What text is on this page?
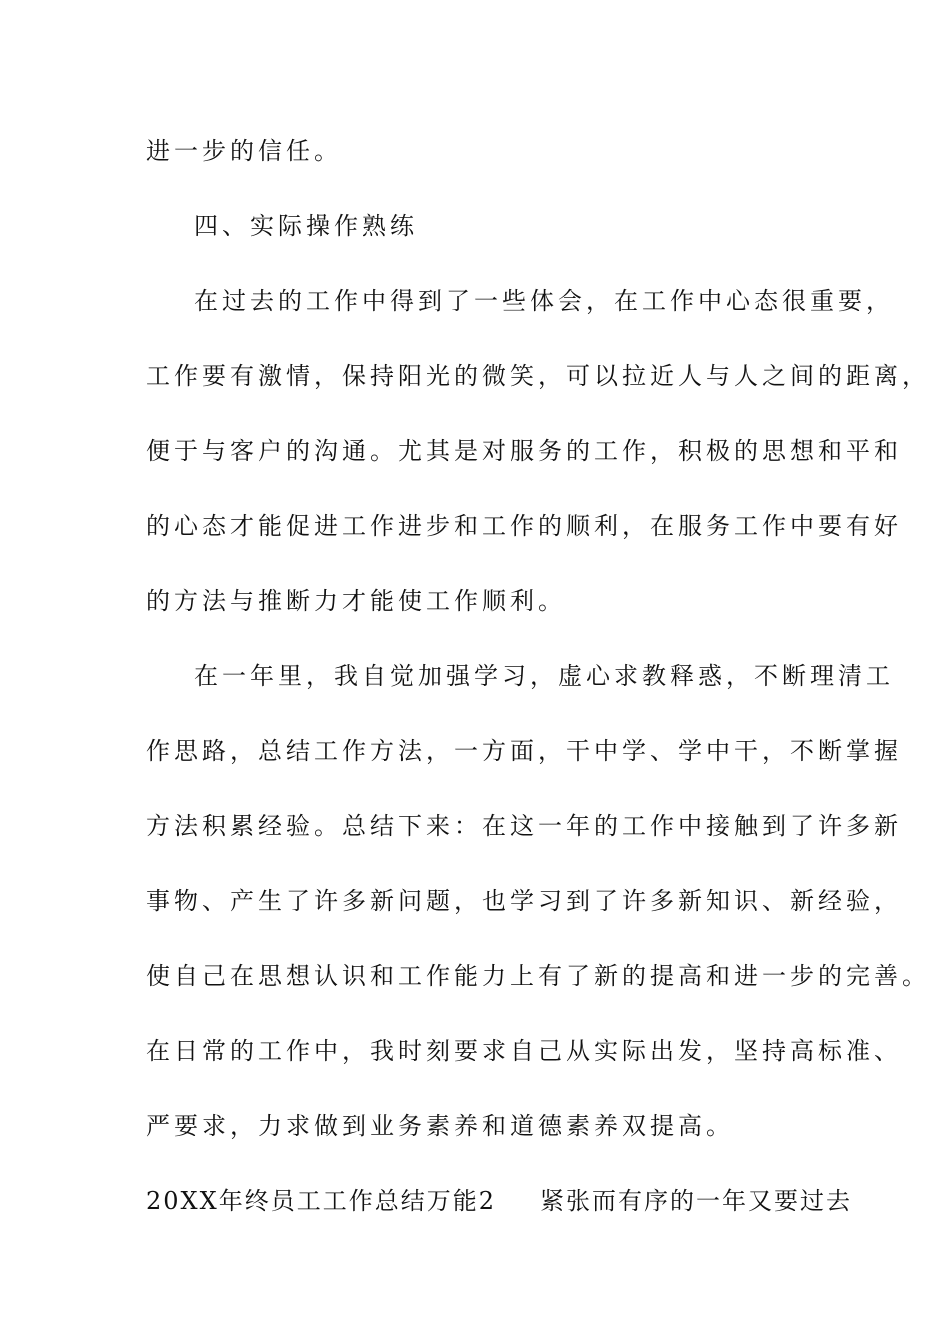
进一步的信任。
四、实际操作熟练
在过去的工作中得到了一些体会，在工作中心态很重要，
工作要有激情，保持阳光的微笑，可以拉近人与人之间的距离，
便于与客户的沟通。尤其是对服务的工作，积极的思想和平和
的心态才能促进工作进步和工作的顺利，在服务工作中要有好
的方法与推断力才能使工作顺利。
在一年里，我自觉加强学习，虚心求教释惑，不断理清工
作思路，总结工作方法，一方面，干中学、学中干，不断掌握
方法积累经验。总结下来：在这一年的工作中接触到了许多新
事物、产生了许多新问题，也学习到了许多新知识、新经验，
使自己在思想认识和工作能力上有了新的提高和进一步的完善。
在日常的工作中，我时刻要求自己从实际出发，坚持高标准、
严要求，力求做到业务素养和道德素养双提高。
20XX年终员工工作总结万能2 紧张而有序的一年又要过去
